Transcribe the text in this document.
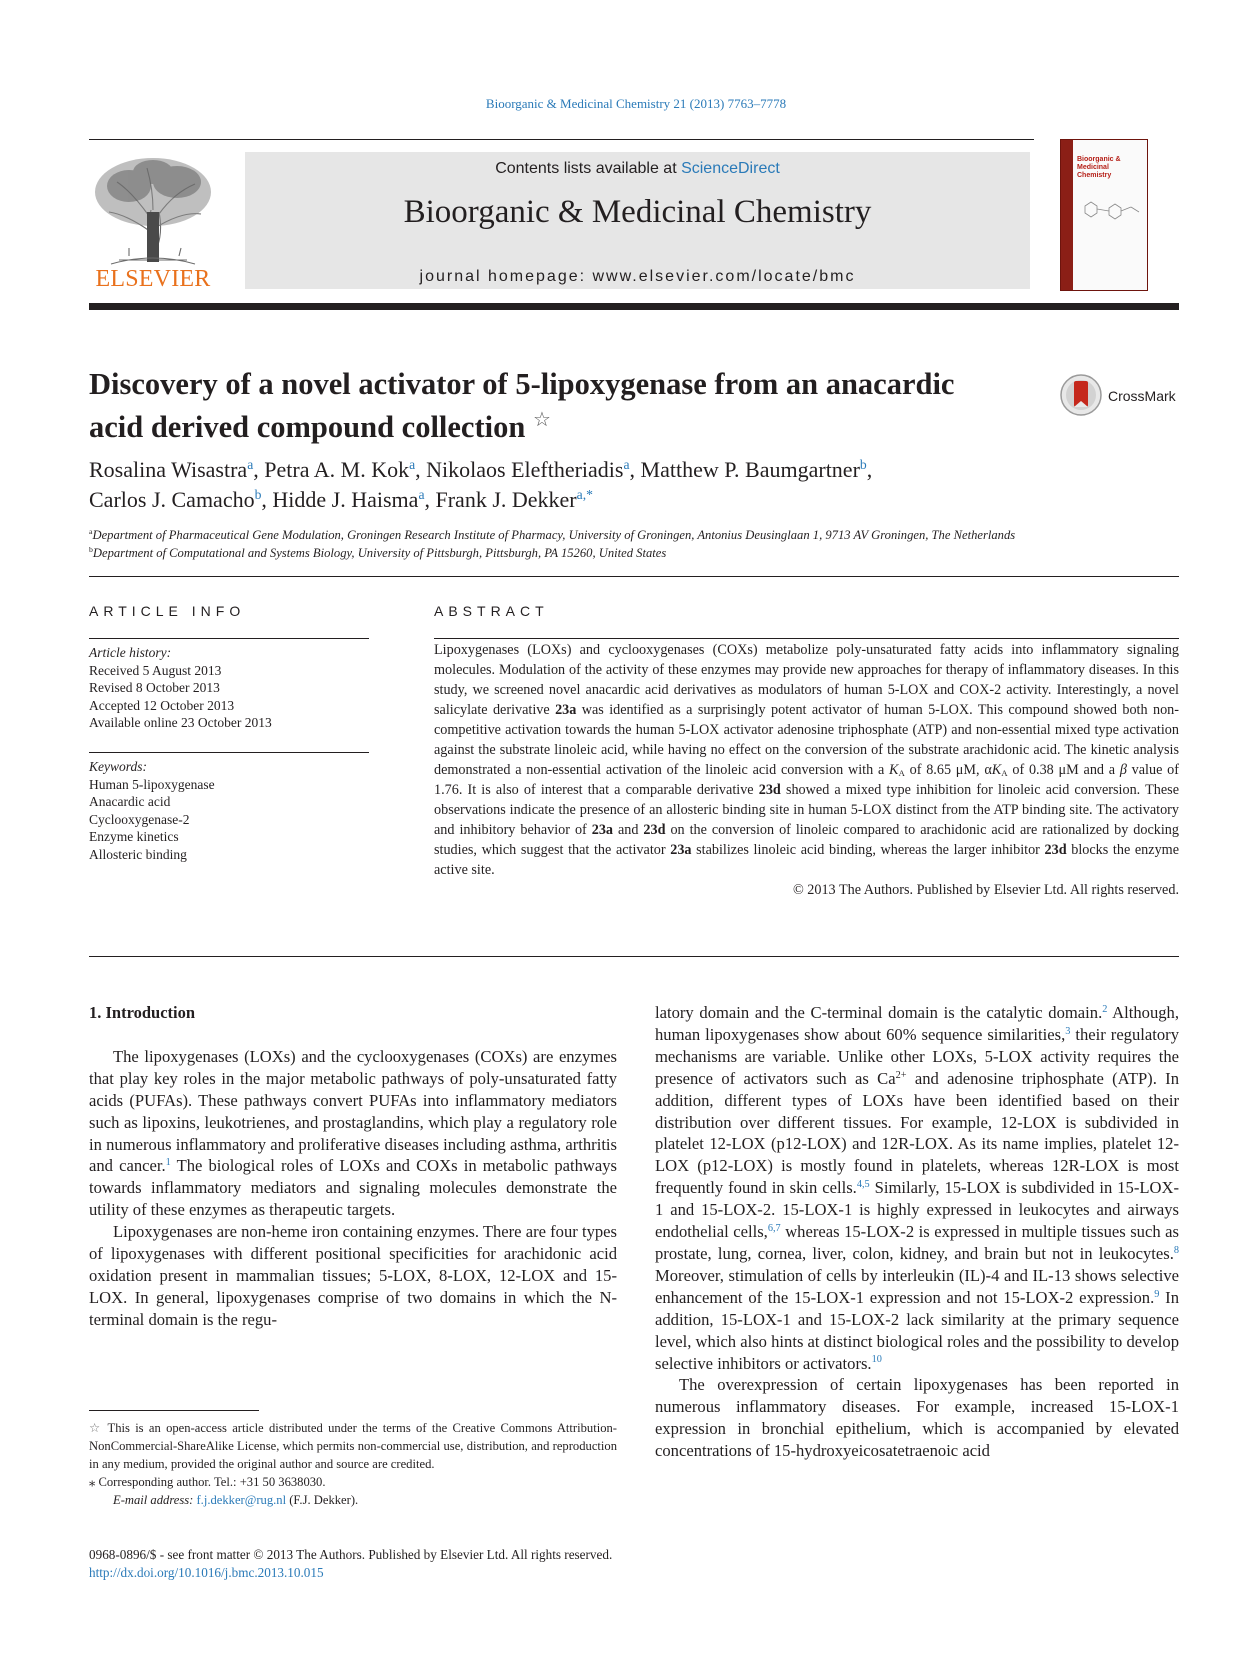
Bioorganic & Medicinal Chemistry 21 (2013) 7763–7778
ELSEVIER
Contents lists available at ScienceDirect
Bioorganic & Medicinal Chemistry
journal homepage: www.elsevier.com/locate/bmc
Bioorganic & Medicinal
Chemistry
Discovery of a novel activator of 5-lipoxygenase from an anacardic
acid derived compound collection ☆
CrossMark
Rosalina Wisastra$^a$, Petra A. M. Kok$^a$, Nikolaos Eleftheriadis$^a$, Matthew P. Baumgartner$^b$,
Carlos J. Camacho$^b$, Hidde J. Haisma$^a$, Frank J. Dekker$^{a,*}$
$^a$Department of Pharmaceutical Gene Modulation, Groningen Research Institute of Pharmacy, University of Groningen, Antonius Deusinglaan 1, 9713 AV Groningen, The Netherlands
$^b$Department of Computational and Systems Biology, University of Pittsburgh, Pittsburgh, PA 15260, United States
ARTICLE INFO
Article history:
Received 5 August 2013
Revised 8 October 2013
Accepted 12 October 2013
Available online 23 October 2013
Keywords:
Human 5-lipoxygenase
Anacardic acid
Cyclooxygenase-2
Enzyme kinetics
Allosteric binding
ABSTRACT

Lipoxygenases (LOXs) and cyclooxygenases (COXs) metabolize poly-unsaturated fatty acids into inflammatory signaling molecules. Modulation of the activity of these enzymes may provide new approaches for therapy of inflammatory diseases. In this study, we screened novel anacardic acid derivatives as modulators of human 5-LOX and COX-2 activity. Interestingly, a novel salicylate derivative 23a was identified as a surprisingly potent activator of human 5-LOX. This compound showed both non-competitive activation towards the human 5-LOX activator adenosine triphosphate (ATP) and non-essential mixed type activation against the substrate linoleic acid, while having no effect on the conversion of the substrate arachidonic acid. The kinetic analysis demonstrated a non-essential activation of the linoleic acid conversion with a $K_A$ of 8.65 μM, $\alpha K_A$ of 0.38 μM and a β value of 1.76. It is also of interest that a comparable derivative 23d showed a mixed type inhibition for linoleic acid conversion. These observations indicate the presence of an allosteric binding site in human 5-LOX distinct from the ATP binding site. The activatory and inhibitory behavior of 23a and 23d on the conversion of linoleic compared to arachidonic acid are rationalized by docking studies, which suggest that the activator 23a stabilizes linoleic acid binding, whereas the larger inhibitor 23d blocks the enzyme active site.

© 2013 The Authors. Published by Elsevier Ltd. All rights reserved.

1. Introduction

The lipoxygenases (LOXs) and the cyclooxygenases (COXs) are enzymes that play key roles in the major metabolic pathways of poly-unsaturated fatty acids (PUFAs). These pathways convert PUFAs into inflammatory mediators such as lipoxins, leukotrienes, and prostaglandins, which play a regulatory role in numerous inflammatory and proliferative diseases including asthma, arthritis and cancer.$^1$ The biological roles of LOXs and COXs in metabolic pathways towards inflammatory mediators and signaling molecules demonstrate the utility of these enzymes as therapeutic targets.

Lipoxygenases are non-heme iron containing enzymes. There are four types of lipoxygenases with different positional specificities for arachidonic acid oxidation present in mammalian tissues; 5-LOX, 8-LOX, 12-LOX and 15-LOX. In general, lipoxygenases comprise of two domains in which the N-terminal domain is the regu-

latory domain and the C-terminal domain is the catalytic domain.$^2$ Although, human lipoxygenases show about 60% sequence similarities,$^3$ their regulatory mechanisms are variable. Unlike other LOXs, 5-LOX activity requires the presence of activators such as $Ca^{2+}$ and adenosine triphosphate (ATP). In addition, different types of LOXs have been identified based on their distribution over different tissues. For example, 12-LOX is subdivided in platelet 12-LOX (p12-LOX) and 12R-LOX. As its name implies, platelet 12-LOX (p12-LOX) is mostly found in platelets, whereas 12R-LOX is most frequently found in skin cells.$^{4,5}$ Similarly, 15-LOX is subdivided in 15-LOX-1 and 15-LOX-2. 15-LOX-1 is highly expressed in leukocytes and airways endothelial cells,$^{6,7}$ whereas 15-LOX-2 is expressed in multiple tissues such as prostate, lung, cornea, liver, colon, kidney, and brain but not in leukocytes.$^8$ Moreover, stimulation of cells by interleukin (IL)-4 and IL-13 shows selective enhancement of the 15-LOX-1 expression and not 15-LOX-2 expression.$^9$ In addition, 15-LOX-1 and 15-LOX-2 lack similarity at the primary sequence level, which also hints at distinct biological roles and the possibility to develop selective inhibitors or activators.$^{10}$

The overexpression of certain lipoxygenases has been reported in numerous inflammatory diseases. For example, increased 15-LOX-1 expression in bronchial epithelium, which is accompanied by elevated concentrations of 15-hydroxyeicosatetraenoic acid

☆ This is an open-access article distributed under the terms of the Creative Commons Attribution-NonCommercial-ShareAlike License, which permits non-commercial use, distribution, and reproduction in any medium, provided the original author and source are credited.

⁎ Corresponding author. Tel.: +31 50 3638030.

E-mail address: f.j.dekker@rug.nl (F.J. Dekker).

0968-0896/$ - see front matter © 2013 The Authors. Published by Elsevier Ltd. All rights reserved.
http://dx.doi.org/10.1016/j.bmc.2013.10.015
